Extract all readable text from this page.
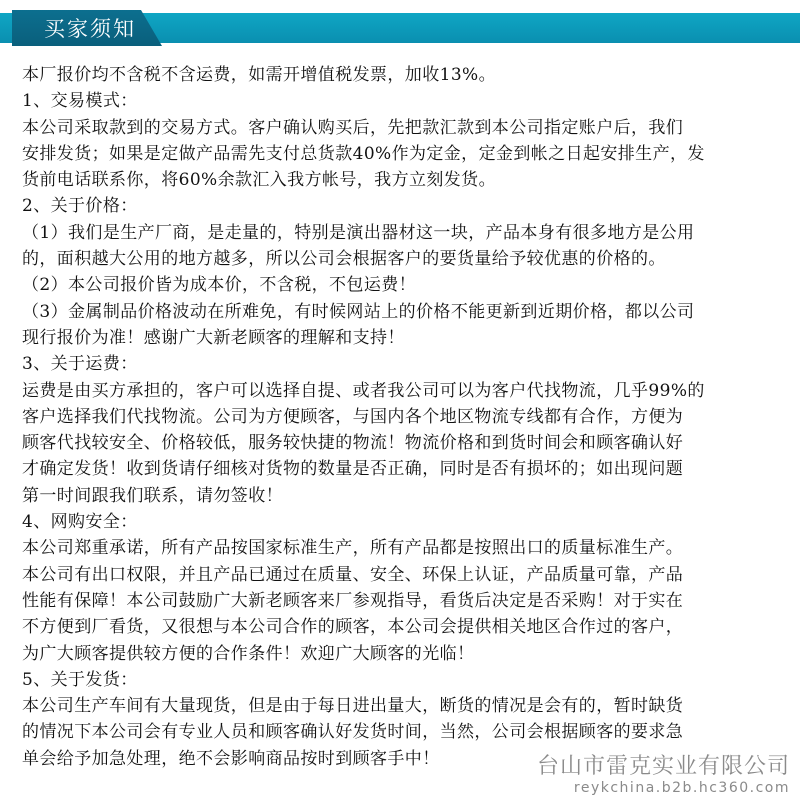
买家须知
本厂报价均不含税不含运费，如需开增值税发票，加收13%。
1、交易模式：
本公司采取款到的交易方式。客户确认购买后，先把款汇款到本公司指定账户后，我们
安排发货；如果是定做产品需先支付总货款40%作为定金，定金到帐之日起安排生产，发
货前电话联系你，将60%余款汇入我方帐号，我方立刻发货。
2、关于价格：
（1）我们是生产厂商，是走量的，特别是演出器材这一块，产品本身有很多地方是公用
的，面积越大公用的地方越多，所以公司会根据客户的要货量给予较优惠的价格的。
（2）本公司报价皆为成本价，不含税，不包运费！
（3）金属制品价格波动在所难免，有时候网站上的价格不能更新到近期价格，都以公司
现行报价为准！感谢广大新老顾客的理解和支持！
3、关于运费：
运费是由买方承担的，客户可以选择自提、或者我公司可以为客户代找物流，几乎99%的
客户选择我们代找物流。公司为方便顾客，与国内各个地区物流专线都有合作，方便为
顾客代找较安全、价格较低，服务较快捷的物流！物流价格和到货时间会和顾客确认好
才确定发货！收到货请仔细核对货物的数量是否正确，同时是否有损坏的；如出现问题
第一时间跟我们联系，请勿签收！
4、网购安全：
本公司郑重承诺，所有产品按国家标准生产，所有产品都是按照出口的质量标准生产。
本公司有出口权限，并且产品已通过在质量、安全、环保上认证，产品质量可靠，产品
性能有保障！本公司鼓励广大新老顾客来厂参观指导，看货后决定是否采购！对于实在
不方便到厂看货，又很想与本公司合作的顾客，本公司会提供相关地区合作过的客户，
为广大顾客提供较方便的合作条件！欢迎广大顾客的光临！
5、关于发货：
本公司生产车间有大量现货，但是由于每日进出量大，断货的情况是会有的，暂时缺货
的情况下本公司会有专业人员和顾客确认好发货时间，当然，公司会根据顾客的要求急
单会给予加急处理，绝不会影响商品按时到顾客手中！	台山市雷克实业有限公司
reykchina.b2b.hc360.com
